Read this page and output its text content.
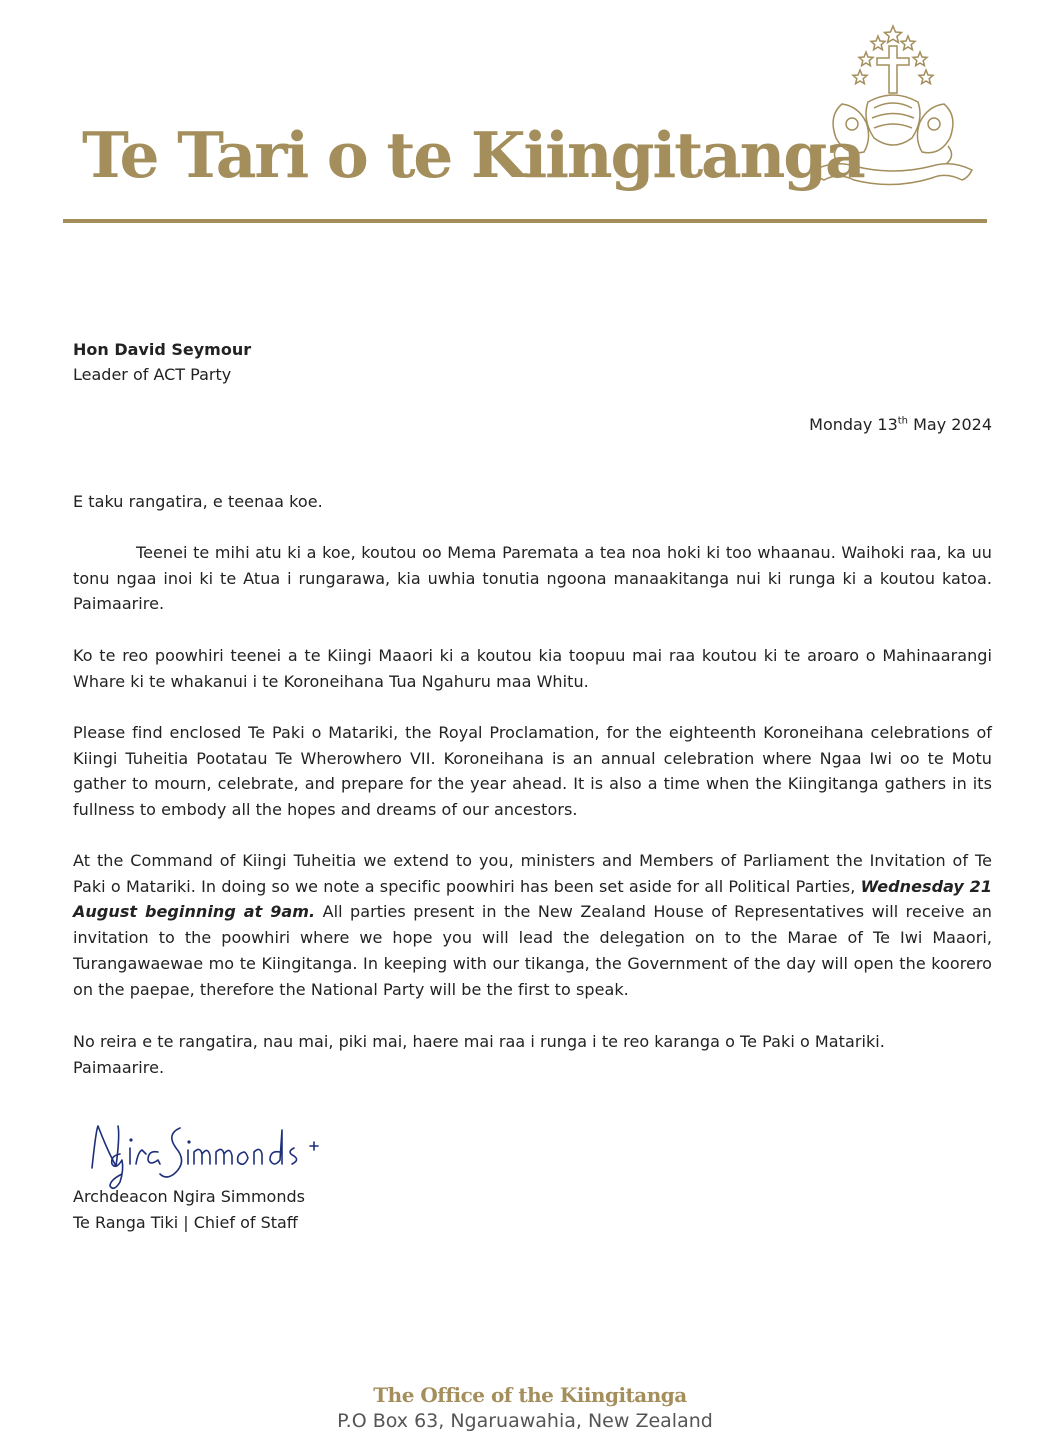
Te Tari o te Kiingitanga
Hon David Seymour
Leader of ACT Party
Monday 13th May 2024
E taku rangatira, e teenaa koe.
Teenei te mihi atu ki a koe, koutou oo Mema Paremata a tea noa hoki ki too whaanau. Waihoki raa, ka uu tonu ngaa inoi ki te Atua i rungarawa, kia uwhia tonutia ngoona manaakitanga nui ki runga ki a koutou katoa. Paimaarire.
Ko te reo poowhiri teenei a te Kiingi Maaori ki a koutou kia toopuu mai raa koutou ki te aroaro o Mahinaarangi Whare ki te whakanui i te Koroneihana Tua Ngahuru maa Whitu.
Please find enclosed Te Paki o Matariki, the Royal Proclamation, for the eighteenth Koroneihana celebrations of Kiingi Tuheitia Pootatau Te Wherowhero VII. Koroneihana is an annual celebration where Ngaa Iwi oo te Motu gather to mourn, celebrate, and prepare for the year ahead. It is also a time when the Kiingitanga gathers in its fullness to embody all the hopes and dreams of our ancestors.
At the Command of Kiingi Tuheitia we extend to you, ministers and Members of Parliament the Invitation of Te Paki o Matariki. In doing so we note a specific poowhiri has been set aside for all Political Parties, Wednesday 21 August beginning at 9am. All parties present in the New Zealand House of Representatives will receive an invitation to the poowhiri where we hope you will lead the delegation on to the Marae of Te Iwi Maaori, Turangawaewae mo te Kiingitanga. In keeping with our tikanga, the Government of the day will open the koorero on the paepae, therefore the National Party will be the first to speak.
No reira e te rangatira, nau mai, piki mai, haere mai raa i runga i te reo karanga o Te Paki o Matariki.
Paimaarire.
Archdeacon Ngira Simmonds
Te Ranga Tiki | Chief of Staff
The Office of the Kiingitanga
P.O Box 63, Ngaruawahia, New Zealand
